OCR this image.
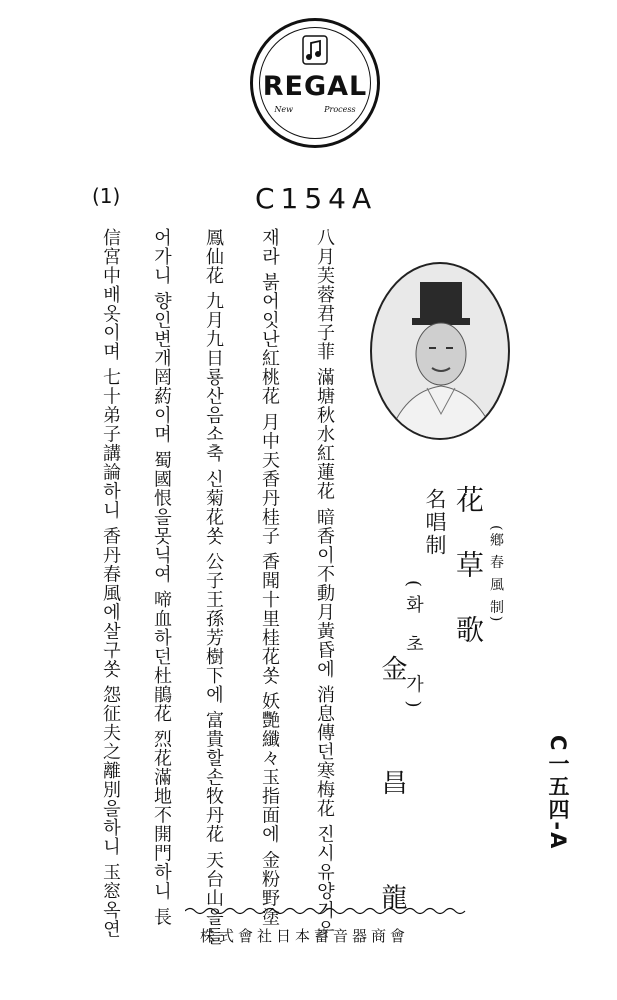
REGAL
New	Process
(1)	C154A
八月芙蓉君子菲 滿塘秋水紅蓮花 暗香이不動月黃昏에 消息傳던寒梅花 진시유양거우
재라 붉어잇난紅桃花 月中天香丹桂子 香聞十里桂花쏫 妖艷纖々玉指面에 金粉野塗
鳳仙花 九月九日룡산음소축 신菊花쏫 公子王孫芳樹下에 富貴할손牧丹花 天台山을들
어가니 향인변개罔葯이며 蜀國恨을못닉여 啼血하던杜鵑花 烈花滿地不開門하니 長
信宮中배옷이며 七十弟子講論하니 香丹春風에살구쏫 怨征夫之離別을하니 玉窓옥연	(鄕 春 風 制)
花 草 歌
名唱制
(화 초 가)
金 昌 龍	C一五四-A
株式會社日本蓄音器商會
